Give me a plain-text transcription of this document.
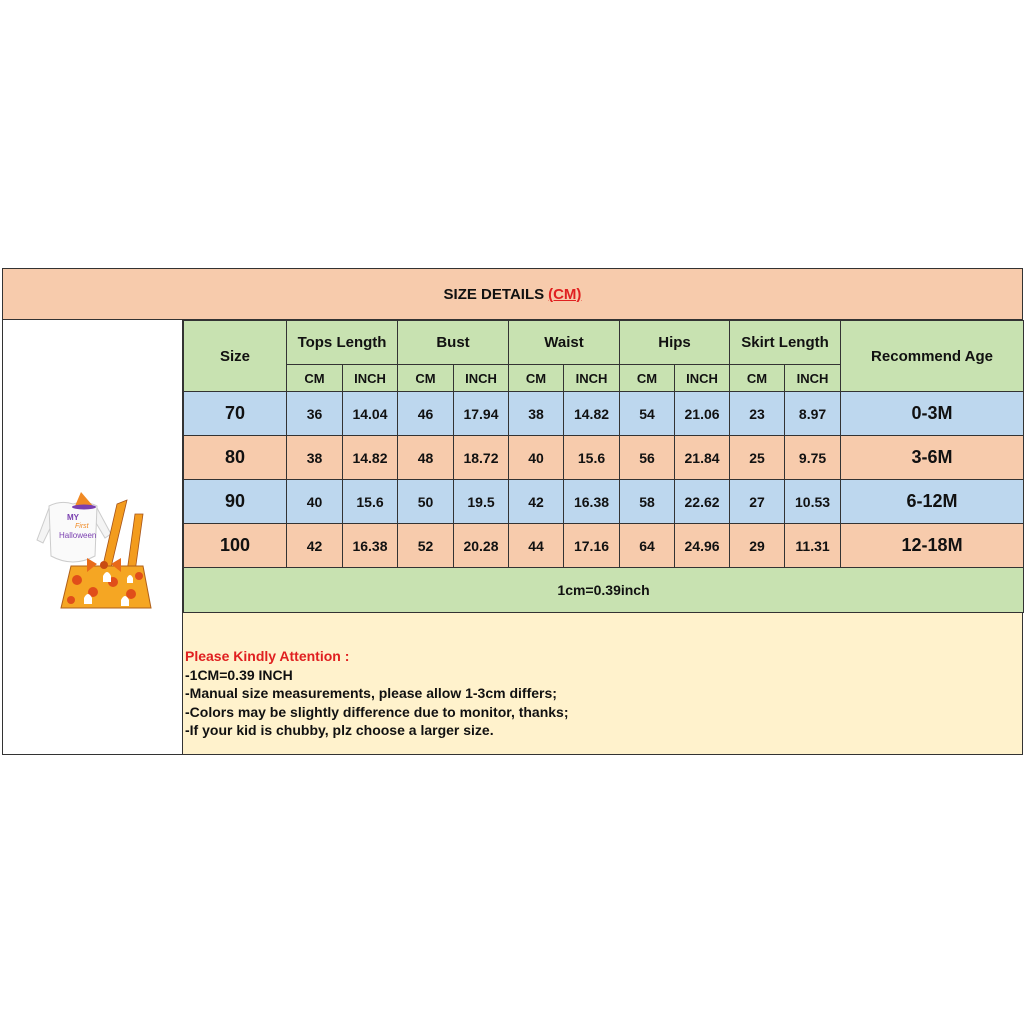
SIZE DETAILS (CM)
MY
First
Halloween
Size	Tops Length		Bust		Waist		Hips		Skirt Length		Recommend Age
	CM	INCH	CM	INCH	CM	INCH	CM	INCH	CM	INCH	
70	36	14.04	46	17.94	38	14.82	54	21.06	23	8.97	0-3M
80	38	14.82	48	18.72	40	15.6	56	21.84	25	9.75	3-6M
90	40	15.6	50	19.5	42	16.38	58	22.62	27	10.53	6-12M
100	42	16.38	52	20.28	44	17.16	64	24.96	29	11.31	12-18M
1cm=0.39inch											
Please Kindly Attention :
-1CM=0.39 INCH
-Manual size measurements, please allow 1-3cm differs;
-Colors may be slightly difference due to monitor, thanks;
-If your kid is chubby, plz choose a larger size.
